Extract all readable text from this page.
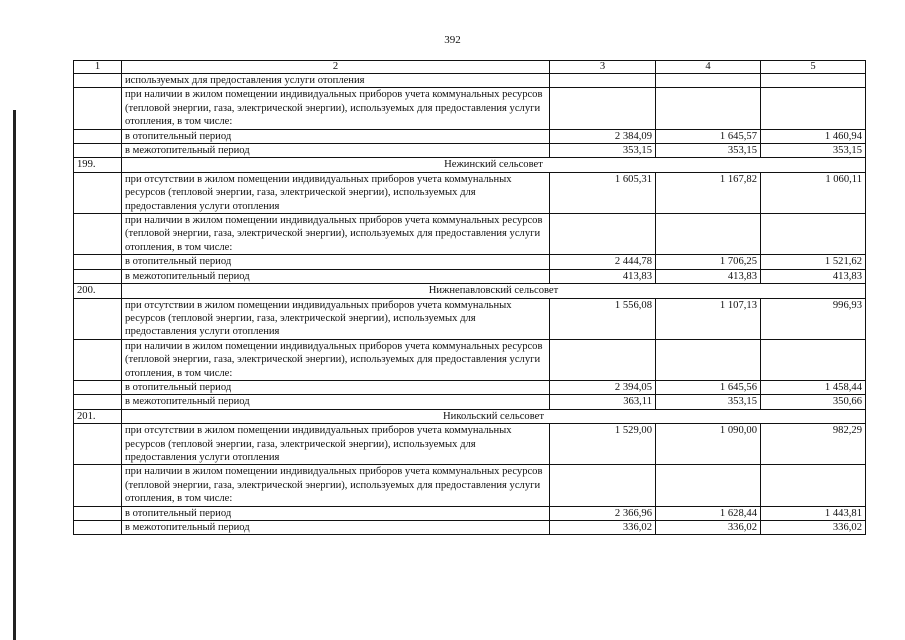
392
1	2	3	4	5
	используемых для предоставления услуги отопления			
	при наличии в жилом помещении индивидуальных приборов учета коммунальных ресурсов (тепловой энергии, газа, электрической энергии), используемых для предоставления услуги отопления, в том числе:			
	в отопительный период	2 384,09	1 645,57	1 460,94
	в межотопительный период	353,15	353,15	353,15
199.	Нежинский сельсовет			
	при отсутствии в жилом помещении индивидуальных приборов учета коммунальных ресурсов (тепловой энергии, газа, электрической энергии), используемых для предоставления услуги отопления	1 605,31	1 167,82	1 060,11
	при наличии в жилом помещении индивидуальных приборов учета коммунальных ресурсов (тепловой энергии, газа, электрической энергии), используемых для предоставления услуги отопления, в том числе:			
	в отопительный период	2 444,78	1 706,25	1 521,62
	в межотопительный период	413,83	413,83	413,83
200.	Нижнепавловский сельсовет			
	при отсутствии в жилом помещении индивидуальных приборов учета коммунальных ресурсов (тепловой энергии, газа, электрической энергии), используемых для предоставления услуги отопления	1 556,08	1 107,13	996,93
	при наличии в жилом помещении индивидуальных приборов учета коммунальных ресурсов (тепловой энергии, газа, электрической энергии), используемых для предоставления услуги отопления, в том числе:			
	в отопительный период	2 394,05	1 645,56	1 458,44
	в межотопительный период	363,11	353,15	350,66
201.	Никольский сельсовет			
	при отсутствии в жилом помещении индивидуальных приборов учета коммунальных ресурсов (тепловой энергии, газа, электрической энергии), используемых для предоставления услуги отопления	1 529,00	1 090,00	982,29
	при наличии в жилом помещении индивидуальных приборов учета коммунальных ресурсов (тепловой энергии, газа, электрической энергии), используемых для предоставления услуги отопления, в том числе:			
	в отопительный период	2 366,96	1 628,44	1 443,81
	в межотопительный период	336,02	336,02	336,02
